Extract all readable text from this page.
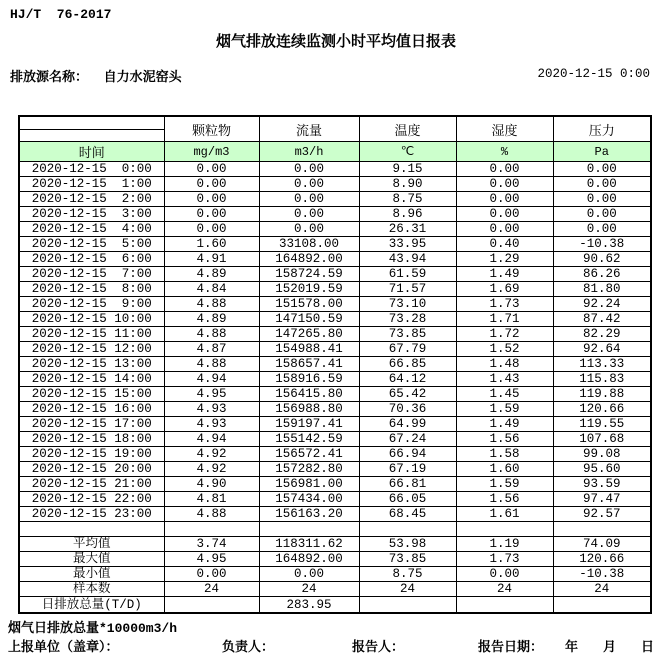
HJ/T  76-2017
烟气排放连续监测小时平均值日报表
排放源名称：  自力水泥窑头	2020-12-15 0:00
	颗粒物	流量	温度	湿度	压力

时间	mg/m3	m3/h	℃	%	Pa
2020-12-15  0:00	0.00	0.00	9.15	0.00	0.00
2020-12-15  1:00	0.00	0.00	8.90	0.00	0.00
2020-12-15  2:00	0.00	0.00	8.75	0.00	0.00
2020-12-15  3:00	0.00	0.00	8.96	0.00	0.00
2020-12-15  4:00	0.00	0.00	26.31	0.00	0.00
2020-12-15  5:00	1.60	33108.00	33.95	0.40	-10.38
2020-12-15  6:00	4.91	164892.00	43.94	1.29	90.62
2020-12-15  7:00	4.89	158724.59	61.59	1.49	86.26
2020-12-15  8:00	4.84	152019.59	71.57	1.69	81.80
2020-12-15  9:00	4.88	151578.00	73.10	1.73	92.24
2020-12-15 10:00	4.89	147150.59	73.28	1.71	87.42
2020-12-15 11:00	4.88	147265.80	73.85	1.72	82.29
2020-12-15 12:00	4.87	154988.41	67.79	1.52	92.64
2020-12-15 13:00	4.88	158657.41	66.85	1.48	113.33
2020-12-15 14:00	4.94	158916.59	64.12	1.43	115.83
2020-12-15 15:00	4.95	156415.80	65.42	1.45	119.88
2020-12-15 16:00	4.93	156988.80	70.36	1.59	120.66
2020-12-15 17:00	4.93	159197.41	64.99	1.49	119.55
2020-12-15 18:00	4.94	155142.59	67.24	1.56	107.68
2020-12-15 19:00	4.92	156572.41	66.94	1.58	99.08
2020-12-15 20:00	4.92	157282.80	67.19	1.60	95.60
2020-12-15 21:00	4.90	156981.00	66.81	1.59	93.59
2020-12-15 22:00	4.81	157434.00	66.05	1.56	97.47
2020-12-15 23:00	4.88	156163.20	68.45	1.61	92.57

平均值	3.74	118311.62	53.98	1.19	74.09
最大值	4.95	164892.00	73.85	1.73	120.66
最小值	0.00	0.00	8.75	0.00	-10.38
样本数	24	24	24	24	24
日排放总量(T/D)		283.95			
烟气日排放总量*10000m3/h
上报单位（盖章）：	负责人：	报告人：	报告日期： 年 月 日
